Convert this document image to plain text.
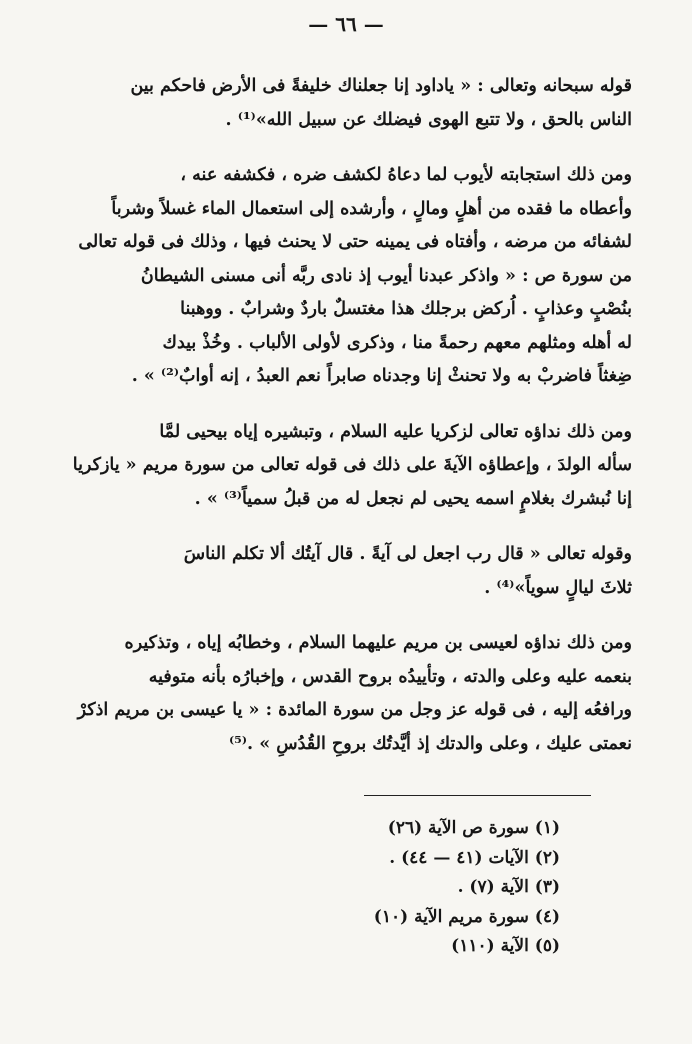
— ٦٦ —
قوله سبحانه وتعالى : « ياداود إنا جعلناك خليفةً فى الأرض فاحكم بين
الناس بالحق ، ولا تتبع الهوى فيضلك عن سبيل الله»⁽¹⁾ .
ومن ذلك استجابته لأيوب لما دعاهُ لكشف ضره ، فكشفه عنه ،
وأعطاه ما فقده من أهلٍ ومالٍ ، وأرشده إلى استعمال الماء غسلاً وشرباً
لشفائه من مرضه ، وأفتاه فى يمينه حتى لا يحنث فيها ، وذلك فى قوله تعالى
من سورة ص : « واذكر عبدنا أيوب إذ نادى ربَّه أنى مسنى الشيطانُ
بنُصْبٍ وعذابٍ . اُركض برجلك هذا مغتسلٌ باردٌ وشرابٌ . ووهبنا
له أهله ومثلهم معهم رحمةً منا ، وذكرى لأولى الألباب . وخُذْ بيدك
ضِغثاً فاضربْ به ولا تحنثْ إنا وجدناه صابراً نعم العبدُ ، إنه أوابٌ⁽²⁾ » .
ومن ذلك نداؤه تعالى لزكريا عليه السلام ، وتبشيره إياه بيحيى لمَّا
سأله الولدَ ، وإعطاؤه الآيةَ على ذلك فى قوله تعالى من سورة مريم « يازكريا
إنا نُبشرك بغلامٍ اسمه يحيى لم نجعل له من قبلُ سمياً⁽³⁾ » .
وقوله تعالى « قال رب اجعل لى آيةً . قال آيتُك ألا تكلم الناسَ
ثلاثَ ليالٍ سوياً»⁽⁴⁾ .
ومن ذلك نداؤه لعيسى بن مريم عليهما السلام ، وخطابُه إياه ، وتذكيره
بنعمه عليه وعلى والدته ، وتأييدُه بروح القدس ، وإخبارُه بأنه متوفيه
ورافعُه إليه ، فى قوله عز وجل من سورة المائدة : « يا عيسى بن مريم اذكرْ
نعمتى عليك ، وعلى والدتك إذ أيَّدتُك بروحِ القُدُسِ » .⁽⁵⁾
(١) سورة ص الآية (٢٦)
(٢) الآيات (٤١ — ٤٤) .
(٣) الآية (٧) .
(٤) سورة مريم الآية (١٠)
(٥) الآية (١١٠)
